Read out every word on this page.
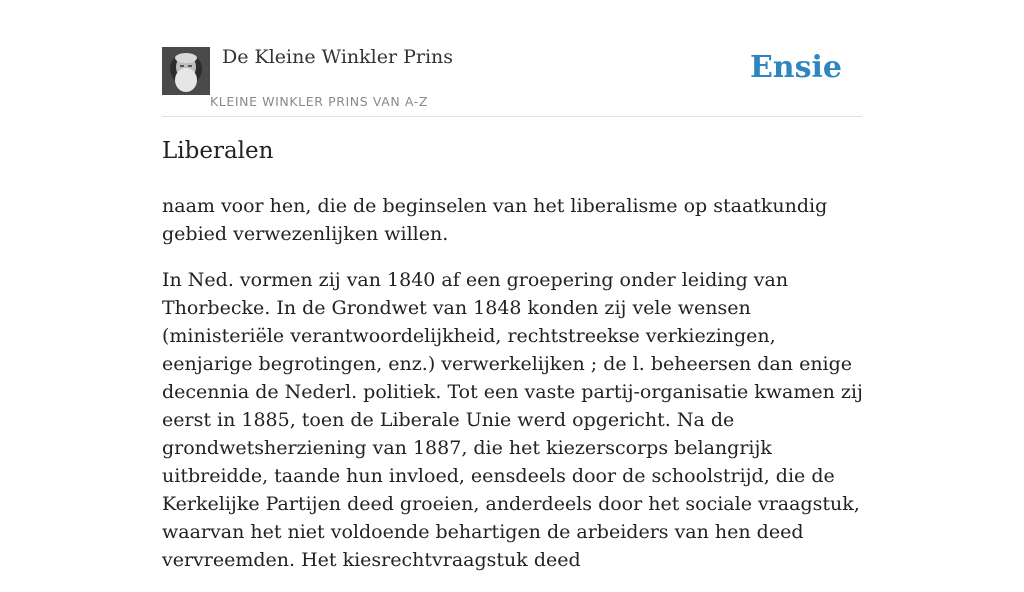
De Kleine Winkler Prins
KLEINE WINKLER PRINS VAN A-Z
Ensie
Liberalen

naam voor hen, die de beginselen van het liberalisme op staatkundig gebied verwezenlijken willen.

In Ned. vormen zij van 1840 af een groepering onder leiding van Thorbecke. In de Grondwet van 1848 konden zij vele wensen (ministeriële verantwoordelijkheid, rechtstreekse verkiezingen, eenjarige begrotingen, enz.) verwerkelijken ; de l. beheersen dan enige decennia de Nederl. politiek. Tot een vaste partij-organisatie kwamen zij eerst in 1885, toen de Liberale Unie werd opgericht. Na de grondwetsherziening van 1887, die het kiezerscorps belangrijk uitbreidde, taande hun invloed, eensdeels door de schoolstrijd, die de Kerkelijke Partijen deed groeien, anderdeels door het sociale vraagstuk, waarvan het niet voldoende behartigen de arbeiders van hen deed vervreemden. Het kiesrechtvraagstuk deed
